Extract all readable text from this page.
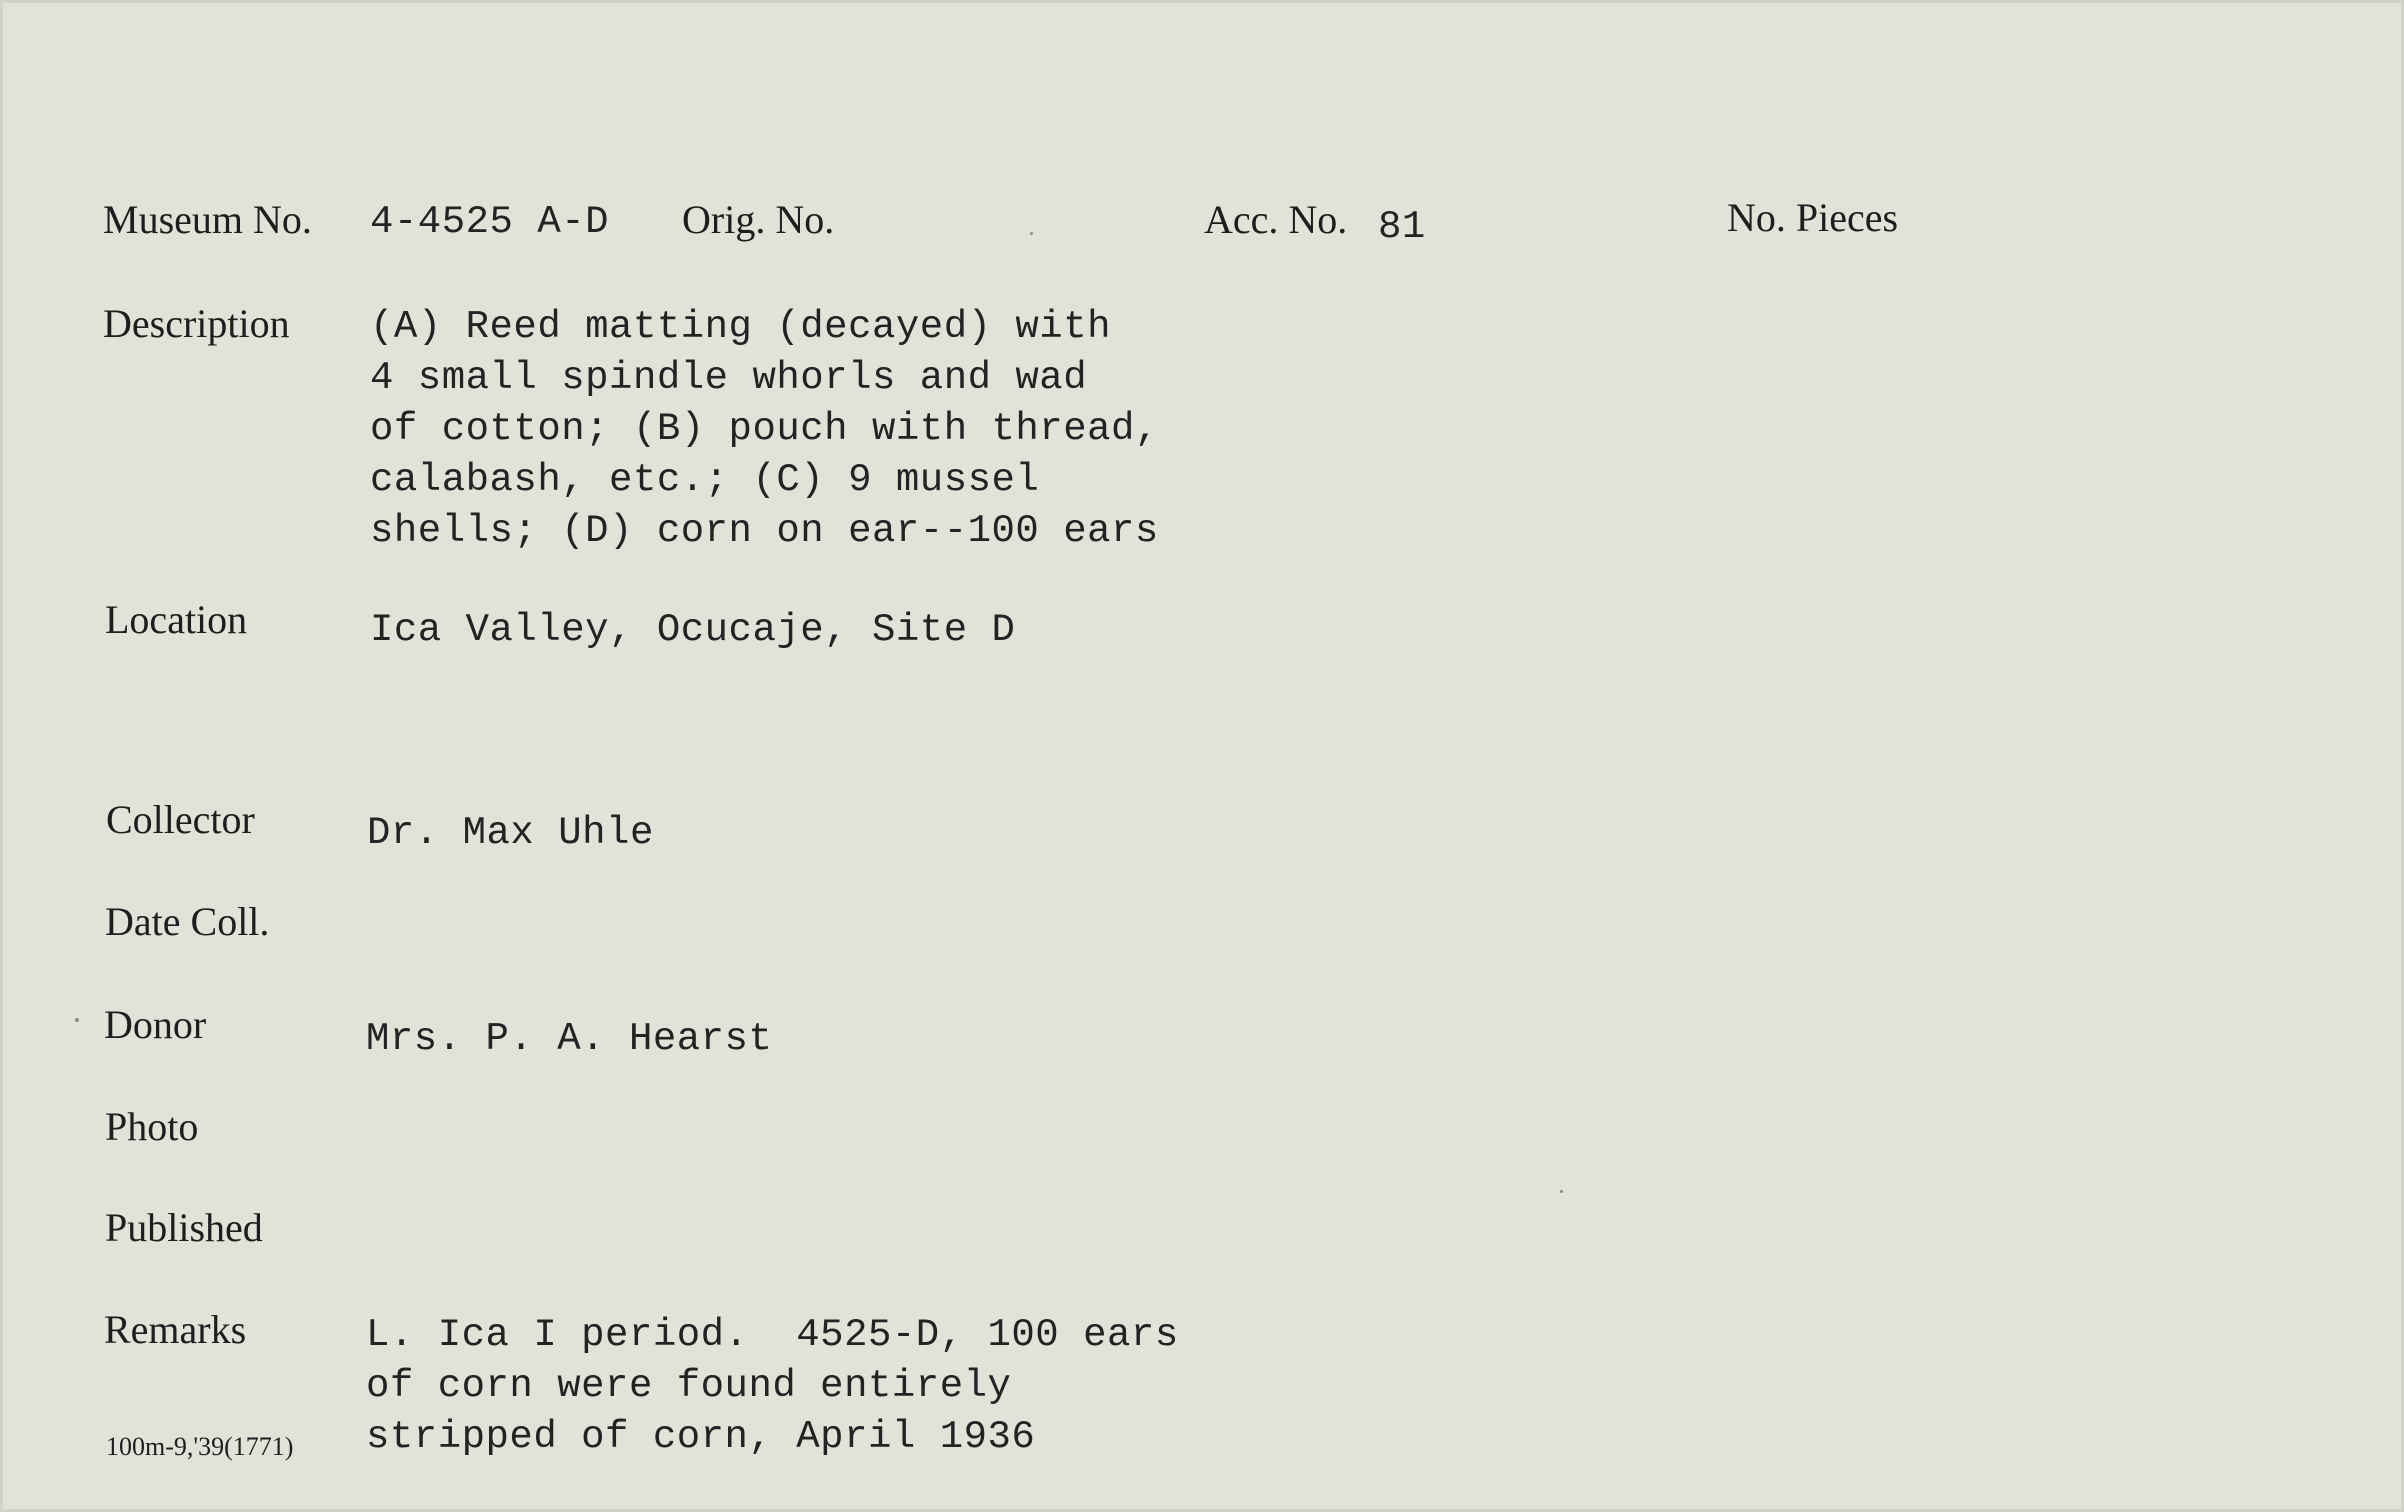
Museum No. 4-4525 A-D Orig. No.	Acc. No. 81	No. Pieces
Description (A) Reed matting (decayed) with
4 small spindle whorls and wad
of cotton; (B) pouch with thread,
calabash, etc.; (C) 9 mussel
shells; (D) corn on ear--100 ears
Location	Ica Valley, Ocucaje, Site D
Collector	Dr. Max Uhle
Date Coll.
Donor	Mrs. P. A. Hearst
Photo
Published
Remarks	L. Ica I period.  4525-D, 100 ears
of corn were found entirely
stripped of corn, April 1936
100m-9,'39(1771)
